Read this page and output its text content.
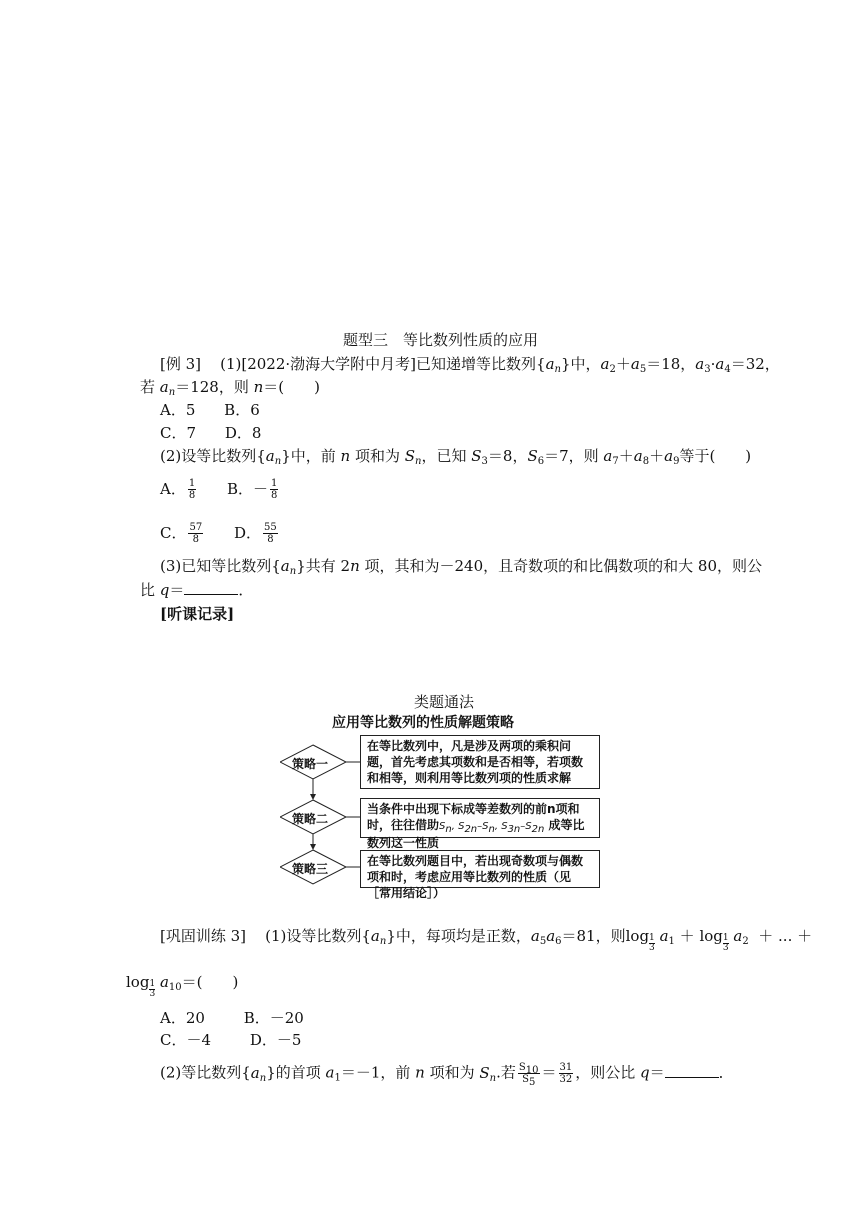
题型三　等比数列性质的应用
[例 3] (1)[2022·渤海大学附中月考]已知递增等比数列$\{a_n\}$中，$a_2+a_5=18$，$a_3\cdot a_4=32$，
若 $a_n=128$，则 n＝(　　)
A．5 B．6
C．7 D．8
(2)设等比数列$\{a_n\}$中，前 n 项和为 $S_n$，已知 $S_3=8$，$S_6=7$，则 $a_7+a_8+a_9$等于(　　)
A． $\frac{1}{8}$ B．－ $\frac{1}{8}$
C． $\frac{57}{8}$ D． $\frac{55}{8}$
(3)已知等比数列$\{a_n\}$共有 2n 项，其和为－240，且奇数项的和比偶数项的和大 80，则公
比 q＝	．
[听课记录]
类题通法
应用等比数列的性质解题策略
策略一
策略二
策略三
在等比数列中，凡是涉及两项的乘积问题，首先考虑其项数和是否相等，若项数和相等，则利用等比数列项的性质求解
当条件中出现下标成等差数列的前n项和时，往往借助$S_n$, $S_{2n}-S_n$, $S_{3n}-S_{2n}$ 成等比数列这一性质
在等比数列题目中，若出现奇数项与偶数项和时，考虑应用等比数列的性质（见［常用结论］）
[巩固训练 3] (1)设等比数列$\{a_n\}$中，每项均是正数，$a_5a_6=81$，则log 1
3
$a_1 + \log 1$
3
$a_2$ ＋ ... ＋
log 1
3
$a_{10}=$(　　)
A．20	B．－20
C．－4	D．－5
(2)等比数列$\{a_n\}$的首项 $a_1=-1$，前 n 项和为 $S_n$.若 $\frac{S_{10}}{S_5} = \frac{31}{32}$ ，则公比 q＝	．
